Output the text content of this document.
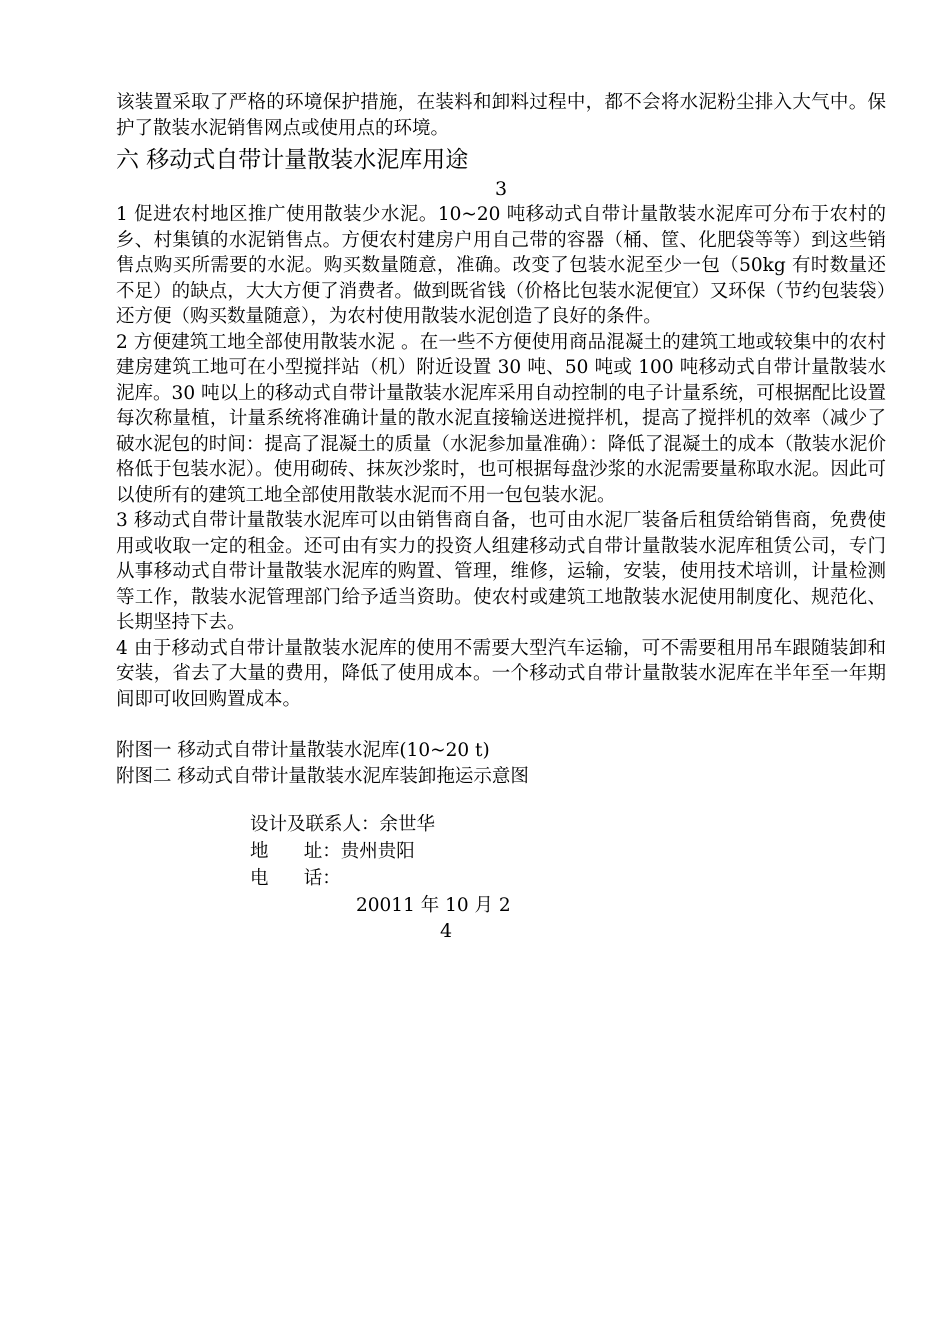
该装置采取了严格的环境保护措施，在装料和卸料过程中，都不会将水泥粉尘排入大气中。保护了散装水泥销售网点或使用点的环境。

六 移动式自带计量散装水泥库用途

3

1 促进农村地区推广使用散装少水泥。10~20 吨移动式自带计量散装水泥库可分布于农村的乡、村集镇的水泥销售点。方便农村建房户用自己带的容器（桶、筐、化肥袋等等）到这些销售点购买所需要的水泥。购买数量随意，准确。改变了包装水泥至少一包（50kg 有时数量还不足）的缺点，大大方便了消费者。做到既省钱（价格比包装水泥便宜）又环保（节约包装袋）还方便（购买数量随意），为农村使用散装水泥创造了良好的条件。

2 方便建筑工地全部使用散装水泥 。在一些不方便使用商品混凝土的建筑工地或较集中的农村建房建筑工地可在小型搅拌站（机）附近设置 30 吨、50 吨或 100 吨移动式自带计量散装水泥库。30 吨以上的移动式自带计量散装水泥库采用自动控制的电子计量系统，可根据配比设置每次称量植，计量系统将准确计量的散水泥直接输送进搅拌机，提高了搅拌机的效率（减少了破水泥包的时间：提高了混凝土的质量（水泥参加量准确）：降低了混凝土的成本（散装水泥价格低于包装水泥）。使用砌砖、抹灰沙浆时，也可根据每盘沙浆的水泥需要量称取水泥。因此可以使所有的建筑工地全部使用散装水泥而不用一包包装水泥。

3 移动式自带计量散装水泥库可以由销售商自备，也可由水泥厂装备后租赁给销售商，免费使用或收取一定的租金。还可由有实力的投资人组建移动式自带计量散装水泥库租赁公司，专门从事移动式自带计量散装水泥库的购置、管理，维修，运输，安装，使用技术培训，计量检测等工作，散装水泥管理部门给予适当资助。使农村或建筑工地散装水泥使用制度化、规范化、长期坚持下去。

4 由于移动式自带计量散装水泥库的使用不需要大型汽车运输，可不需要租用吊车跟随装卸和安装，省去了大量的费用，降低了使用成本。一个移动式自带计量散装水泥库在半年至一年期间即可收回购置成本。

附图一 移动式自带计量散装水泥库(10~20 t)

附图二 移动式自带计量散装水泥库装卸拖运示意图

设计及联系人：余世华
地      址：贵州贵阳
电      话：
20011 年 10 月 2
4
